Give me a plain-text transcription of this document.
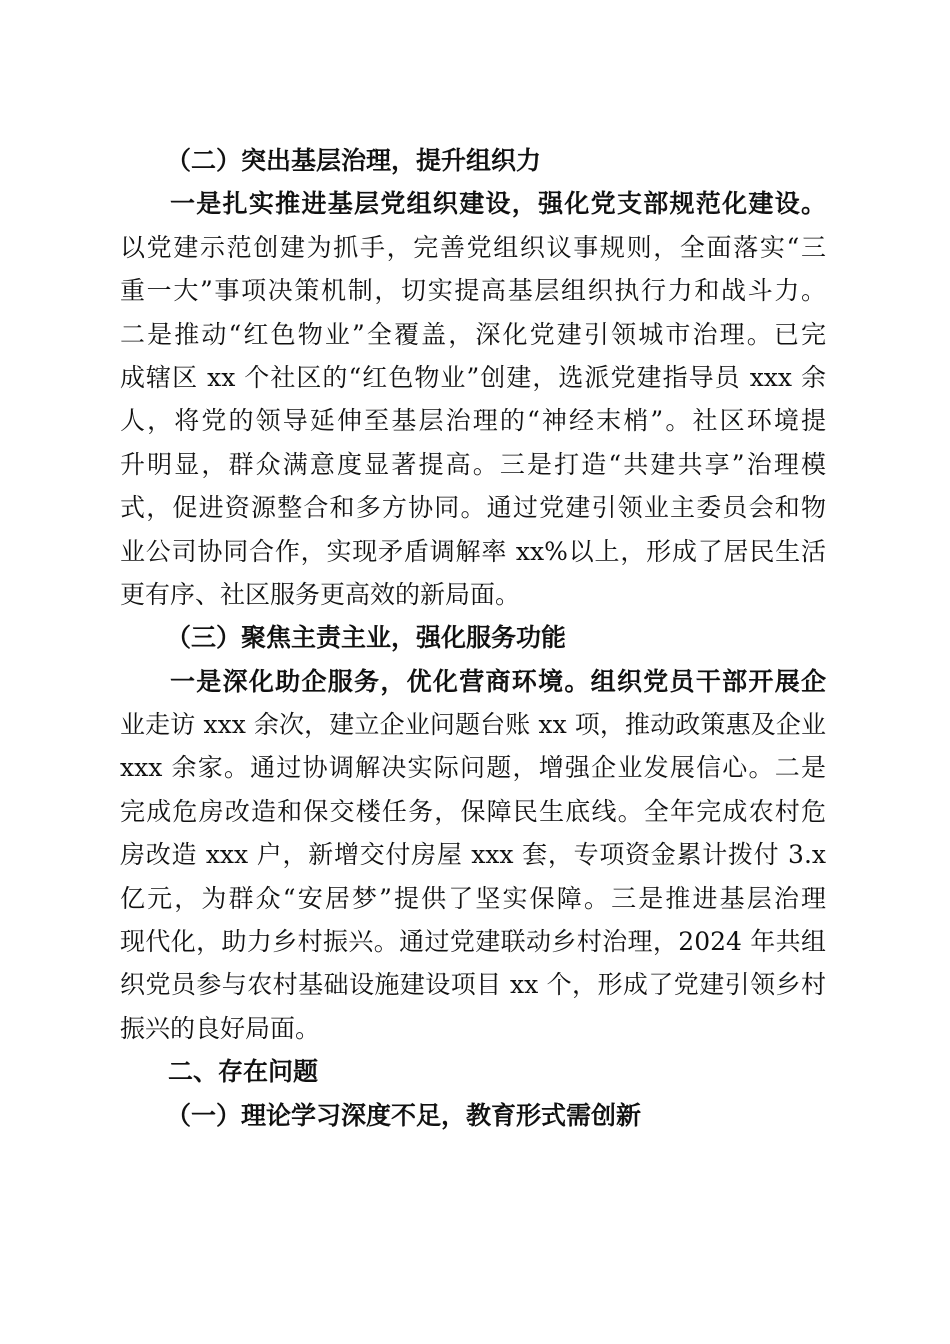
（二）突出基层治理，提升组织力
一是扎实推进基层党组织建设，强化党支部规范化建设。
以党建示范创建为抓手，完善党组织议事规则，全面落实“三
重一大”事项决策机制，切实提高基层组织执行力和战斗力。
二是推动“红色物业”全覆盖，深化党建引领城市治理。已完
成辖区 xx 个社区的“红色物业”创建，选派党建指导员 xxx 余
人，将党的领导延伸至基层治理的“神经末梢”。社区环境提
升明显，群众满意度显著提高。三是打造“共建共享”治理模
式，促进资源整合和多方协同。通过党建引领业主委员会和物
业公司协同合作，实现矛盾调解率 xx%以上，形成了居民生活
更有序、社区服务更高效的新局面。
（三）聚焦主责主业，强化服务功能
一是深化助企服务，优化营商环境。组织党员干部开展企
业走访 xxx 余次，建立企业问题台账 xx 项，推动政策惠及企业
xxx 余家。通过协调解决实际问题，增强企业发展信心。二是
完成危房改造和保交楼任务，保障民生底线。全年完成农村危
房改造 xxx 户，新增交付房屋 xxx 套，专项资金累计拨付 3.x
亿元，为群众“安居梦”提供了坚实保障。三是推进基层治理
现代化，助力乡村振兴。通过党建联动乡村治理，2024 年共组
织党员参与农村基础设施建设项目 xx 个，形成了党建引领乡村
振兴的良好局面。
二、存在问题
（一）理论学习深度不足，教育形式需创新
